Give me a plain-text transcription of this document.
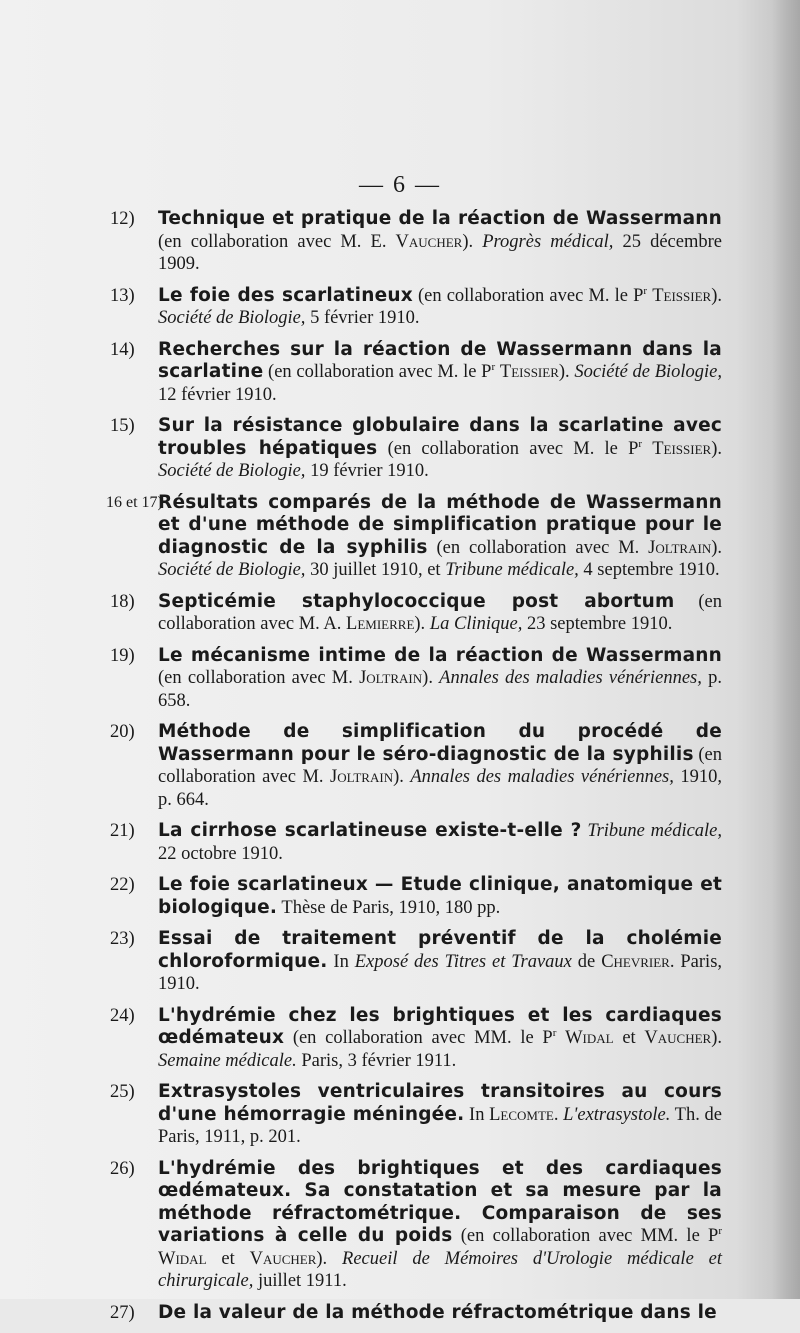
— 6 —
12) Technique et pratique de la réaction de Wassermann (en collaboration avec M. E. Vaucher). Progrès médical, 25 décembre 1909.
13) Le foie des scarlatineux (en collaboration avec M. le $P^r$ Teissier). Société de Biologie, 5 février 1910.
14) Recherches sur la réaction de Wassermann dans la scarlatine (en collaboration avec M. le $P^r$ Teissier). Société de Biologie, 12 février 1910.
15) Sur la résistance globulaire dans la scarlatine avec troubles hépatiques (en collaboration avec M. le $P^r$ Teissier). Société de Biologie, 19 février 1910.
16 et 17)
Résultats comparés de la méthode de Wassermann et d'une méthode de simplification pratique pour le diagnostic de la syphilis (en collaboration avec M. Joltrain). Société de Biologie, 30 juillet 1910, et Tribune médicale, 4 septembre 1910.
18) Septicémie staphylococcique post abortum (en collaboration avec M. A. Lemierre). La Clinique, 23 septembre 1910.
19) Le mécanisme intime de la réaction de Wassermann (en collaboration avec M. Joltrain). Annales des maladies vénériennes, p. 658.
20) Méthode de simplification du procédé de Wassermann pour le séro-diagnostic de la syphilis (en collaboration avec M. Joltrain). Annales des maladies vénériennes, 1910, p. 664.
21) La cirrhose scarlatineuse existe-t-elle ? Tribune médicale, 22 octobre 1910.
22) Le foie scarlatineux — Etude clinique, anatomique et biologique. Thèse de Paris, 1910, 180 pp.
23) Essai de traitement préventif de la cholémie chloroformique. In Exposé des Titres et Travaux de Chevrier. Paris, 1910.
24) L'hydrémie chez les brightiques et les cardiaques œdémateux (en collaboration avec MM. le $P^r$ Widal et Vaucher). Semaine médicale. Paris, 3 février 1911.
25) Extrasystoles ventriculaires transitoires au cours d'une hémorragie méningée. In Lecomte. L'extrasystole. Th. de Paris, 1911, p. 201.
26) L'hydrémie des brightiques et des cardiaques œdémateux. Sa constatation et sa mesure par la méthode réfractométrique. Comparaison de ses variations à celle du poids (en collaboration avec MM. le $P^r$ Widal et Vaucher). Recueil de Mémoires d'Urologie médicale et chirurgicale, juillet 1911.
27) De la valeur de la méthode réfractométrique dans le
